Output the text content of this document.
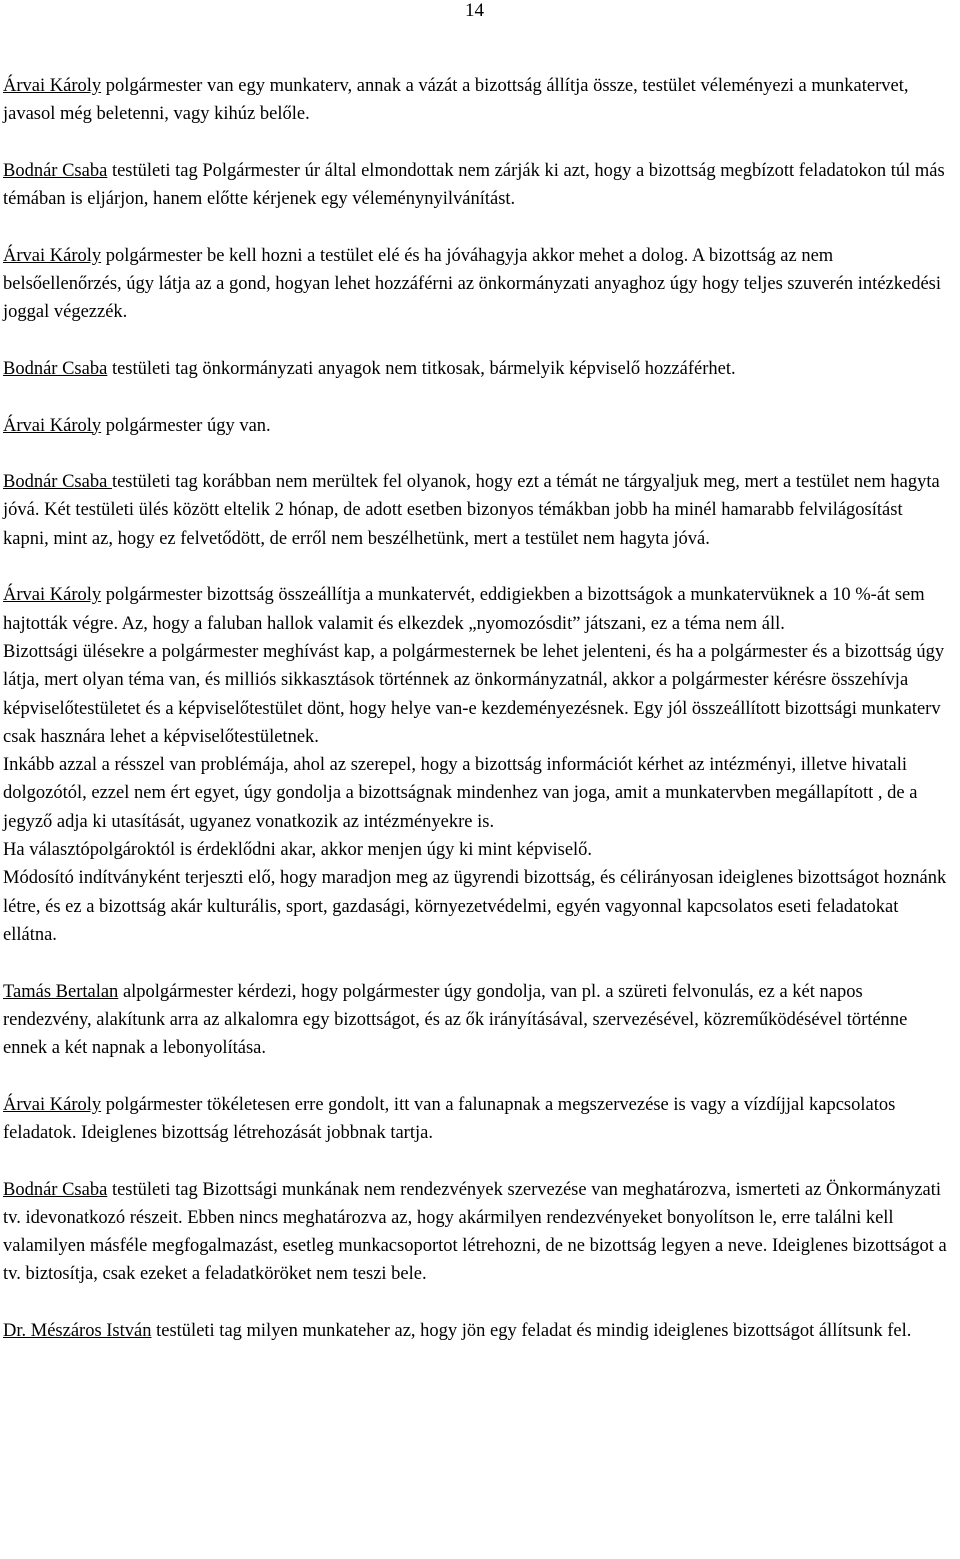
14

Árvai Károly polgármester van egy munkaterv, annak a vázát a bizottság állítja össze, testület véleményezi a munkatervet, javasol még beletenni, vagy kihúz belőle.

Bodnár Csaba testületi tag Polgármester úr által elmondottak nem zárják ki azt, hogy a bizottság megbízott feladatokon túl más témában is eljárjon, hanem előtte kérjenek egy véleménynyilvánítást.

Árvai Károly polgármester be kell hozni a testület elé és ha jóváhagyja akkor mehet a dolog. A bizottság az nem belsőellenőrzés, úgy látja az a gond, hogyan lehet hozzáférni az önkormányzati anyaghoz úgy hogy teljes szuverén intézkedési joggal végezzék.

Bodnár Csaba testületi tag önkormányzati anyagok nem titkosak, bármelyik képviselő hozzáférhet.

Árvai Károly polgármester úgy van.

Bodnár Csaba testületi tag korábban nem merültek fel olyanok, hogy ezt a témát ne tárgyaljuk meg, mert a testület nem hagyta jóvá. Két testületi ülés között eltelik 2 hónap, de adott esetben bizonyos témákban jobb ha minél hamarabb felvilágosítást kapni, mint az, hogy ez felvetődött, de erről nem beszélhetünk, mert a testület nem hagyta jóvá.

Árvai Károly polgármester bizottság összeállítja a munkatervét, eddigiekben a bizottságok a munkatervüknek a 10 %-át sem hajtották végre. Az, hogy a faluban hallok valamit és elkezdek „nyomozósdit” játszani, ez a téma nem áll.

Bizottsági ülésekre a polgármester meghívást kap, a polgármesternek be lehet jelenteni, és ha a polgármester és a bizottság úgy látja, mert olyan téma van, és milliós sikkasztások történnek az önkormányzatnál, akkor a polgármester kérésre összehívja képviselőtestületet és a képviselőtestület dönt, hogy helye van-e kezdeményezésnek. Egy jól összeállított bizottsági munkaterv csak hasznára lehet a képviselőtestületnek.

Inkább azzal a résszel van problémája, ahol az szerepel, hogy a bizottság információt kérhet az intézményi, illetve hivatali dolgozótól, ezzel nem ért egyet, úgy gondolja a bizottságnak mindenhez van joga, amit a munkatervben megállapított , de a jegyző adja ki utasítását, ugyanez vonatkozik az intézményekre is.

Ha választópolgároktól is érdeklődni akar, akkor menjen úgy ki mint képviselő.

Módosító indítványként terjeszti elő, hogy maradjon meg az ügyrendi bizottság, és célirányosan ideiglenes bizottságot hoznánk létre, és ez a bizottság akár kulturális, sport, gazdasági, környezetvédelmi, egyén vagyonnal kapcsolatos eseti feladatokat ellátna.

Tamás Bertalan alpolgármester kérdezi, hogy polgármester úgy gondolja, van pl. a szüreti felvonulás, ez a két napos rendezvény, alakítunk arra az alkalomra egy bizottságot, és az ők irányításával, szervezésével, közreműködésével történne ennek a két napnak a lebonyolítása.

Árvai Károly polgármester tökéletesen erre gondolt, itt van a falunapnak a megszervezése is vagy a vízdíjjal kapcsolatos feladatok. Ideiglenes bizottság létrehozását jobbnak tartja.

Bodnár Csaba testületi tag Bizottsági munkának nem rendezvények szervezése van meghatározva, ismerteti az Önkormányzati tv. idevonatkozó részeit. Ebben nincs meghatározva az, hogy akármilyen rendezvényeket bonyolítson le, erre találni kell valamilyen másféle megfogalmazást, esetleg munkacsoportot létrehozni, de ne bizottság legyen a neve. Ideiglenes bizottságot a tv. biztosítja, csak ezeket a feladatköröket nem teszi bele.

Dr. Mészáros István testületi tag milyen munkateher az, hogy jön egy feladat és mindig ideiglenes bizottságot állítsunk fel.
